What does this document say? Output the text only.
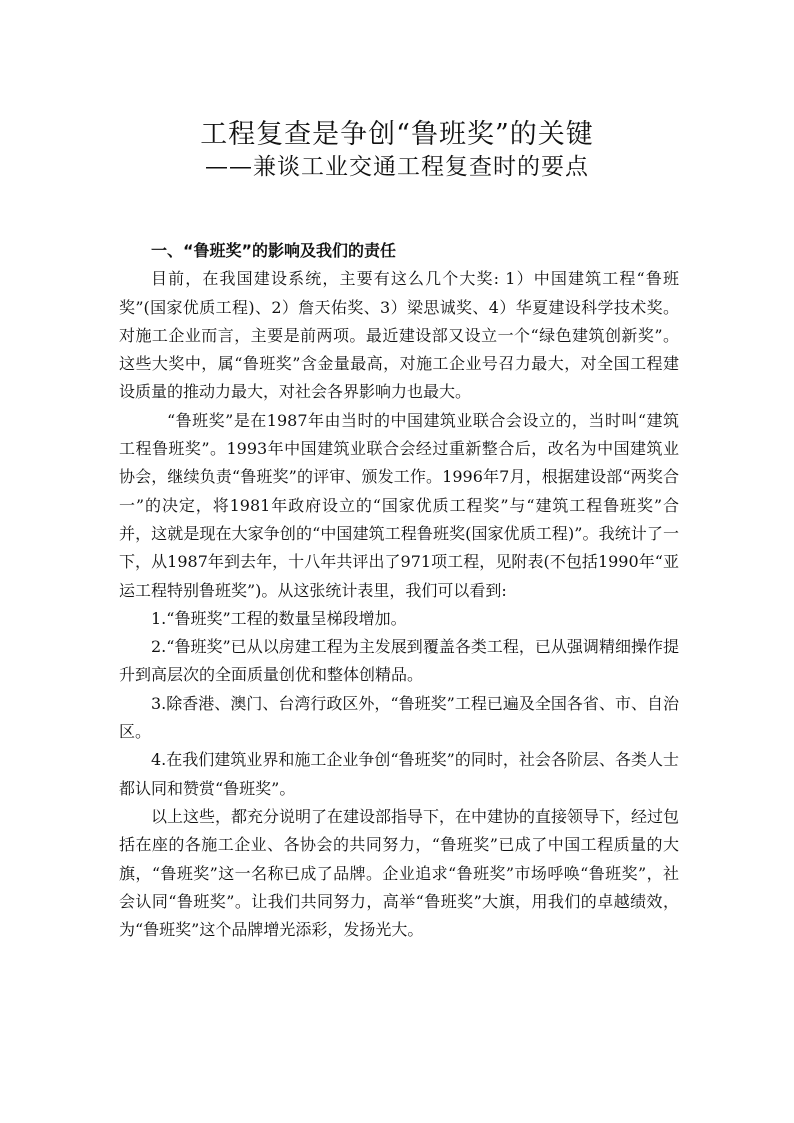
工程复查是争创“鲁班奖”的关键
——兼谈工业交通工程复查时的要点

一、“鲁班奖”的影响及我们的责任

目前，在我国建设系统，主要有这么几个大奖: 1）中国建筑工程“鲁班奖”(国家优质工程)、2）詹天佑奖、3）梁思诚奖、4）华夏建设科学技术奖。对施工企业而言，主要是前两项。最近建设部又设立一个“绿色建筑创新奖”。这些大奖中，属“鲁班奖”含金量最高，对施工企业号召力最大，对全国工程建设质量的推动力最大，对社会各界影响力也最大。

“鲁班奖”是在1987年由当时的中国建筑业联合会设立的，当时叫“建筑工程鲁班奖”。1993年中国建筑业联合会经过重新整合后，改名为中国建筑业协会，继续负责“鲁班奖”的评审、颁发工作。1996年7月，根据建设部“两奖合一”的决定，将1981年政府设立的“国家优质工程奖”与“建筑工程鲁班奖”合并，这就是现在大家争创的“中国建筑工程鲁班奖(国家优质工程)”。我统计了一下，从1987年到去年，十八年共评出了971项工程，见附表(不包括1990年“亚运工程特别鲁班奖”)。从这张统计表里，我们可以看到:

1.“鲁班奖”工程的数量呈梯段增加。

2.“鲁班奖”已从以房建工程为主发展到覆盖各类工程，已从强调精细操作提升到高层次的全面质量创优和整体创精品。

3.除香港、澳门、台湾行政区外，“鲁班奖”工程已遍及全国各省、市、自治区。

4.在我们建筑业界和施工企业争创“鲁班奖”的同时，社会各阶层、各类人士都认同和赞赏“鲁班奖”。

以上这些，都充分说明了在建设部指导下，在中建协的直接领导下，经过包括在座的各施工企业、各协会的共同努力，“鲁班奖”已成了中国工程质量的大旗，“鲁班奖”这一名称已成了品牌。企业追求“鲁班奖”市场呼唤“鲁班奖”，社会认同“鲁班奖”。让我们共同努力，高举“鲁班奖”大旗，用我们的卓越绩效，为“鲁班奖”这个品牌增光添彩，发扬光大。
